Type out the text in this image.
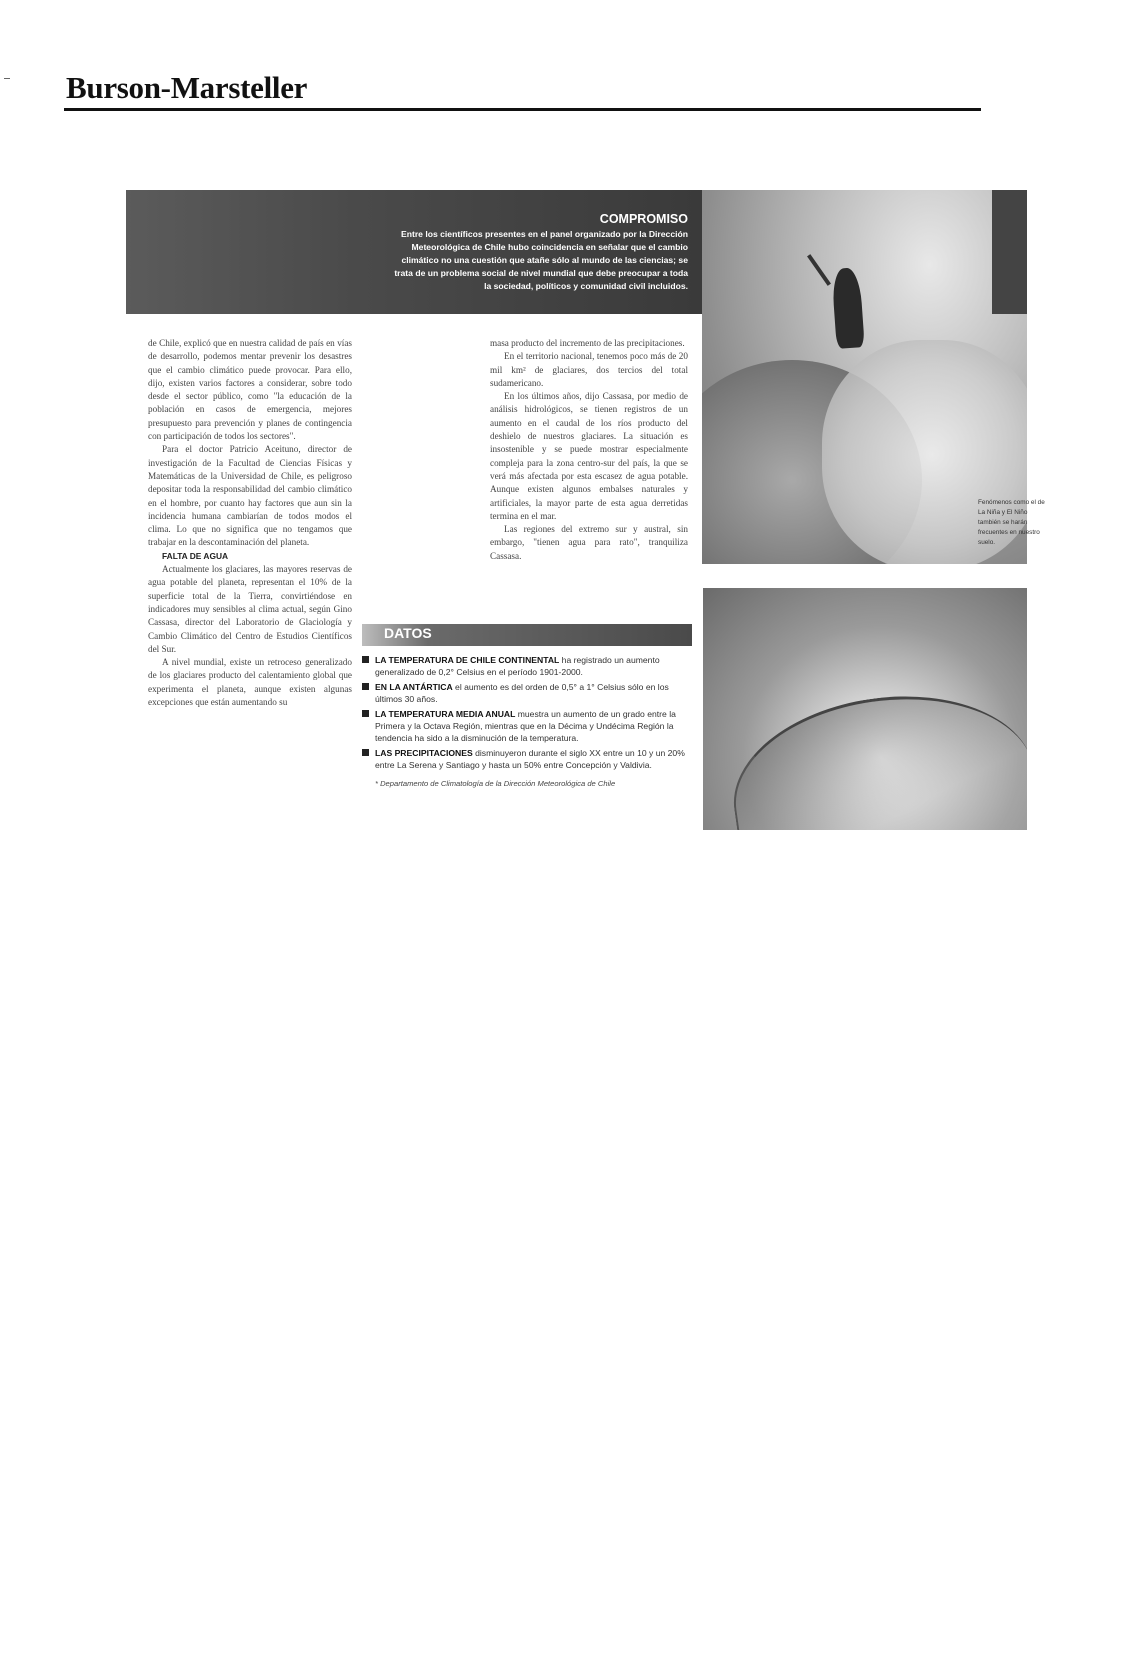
Burson-Marsteller
COMPROMISO
Entre los científicos presentes en el panel organizado por la Dirección Meteorológica de Chile hubo coincidencia en señalar que el cambio climático no una cuestión que atañe sólo al mundo de las ciencias; se trata de un problema social de nivel mundial que debe preocupar a toda la sociedad, políticos y comunidad civil incluidos.
Fenómenos como el de La Niña y El Niño también se harán frecuentes en nuestro suelo.

de Chile, explicó que en nuestra calidad de país en vías de desarrollo, podemos mentar prevenir los desastres que el cambio climático puede provocar. Para ello, dijo, existen varios factores a considerar, sobre todo desde el sector público, como "la educación de la población en casos de emergencia, mejores presupuesto para prevención y planes de contingencia con participación de todos los sectores".

Para el doctor Patricio Aceituno, director de investigación de la Facultad de Ciencias Físicas y Matemáticas de la Universidad de Chile, es peligroso depositar toda la responsabilidad del cambio climático en el hombre, por cuanto hay factores que aun sin la incidencia humana cambiarían de todos modos el clima. Lo que no significa que no tengamos que trabajar en la descontaminación del planeta.

FALTA DE AGUA

Actualmente los glaciares, las mayores reservas de agua potable del planeta, representan el 10% de la superficie total de la Tierra, convirtiéndose en indicadores muy sensibles al clima actual, según Gino Cassasa, director del Laboratorio de Glaciología y Cambio Climático del Centro de Estudios Científicos del Sur.

A nivel mundial, existe un retroceso generalizado de los glaciares producto del calentamiento global que experimenta el planeta, aunque existen algunas excepciones que están aumentando su

masa producto del incremento de las precipitaciones.

En el territorio nacional, tenemos poco más de 20 mil km² de glaciares, dos tercios del total sudamericano.

En los últimos años, dijo Cassasa, por medio de análisis hidrológicos, se tienen registros de un aumento en el caudal de los ríos producto del deshielo de nuestros glaciares. La situación es insostenible y se puede mostrar especialmente compleja para la zona centro-sur del país, la que se verá más afectada por esta escasez de agua potable. Aunque existen algunos embalses naturales y artificiales, la mayor parte de esta agua derretidas termina en el mar.

Las regiones del extremo sur y austral, sin embargo, "tienen agua para rato", tranquiliza Cassasa.

DATOS
LA TEMPERATURA DE CHILE CONTINENTAL ha registrado un aumento generalizado de 0,2° Celsius en el período 1901-2000.
EN LA ANTÁRTICA el aumento es del orden de 0,5° a 1° Celsius sólo en los últimos 30 años.
LA TEMPERATURA MEDIA ANUAL muestra un aumento de un grado entre la Primera y la Octava Región, mientras que en la Décima y Undécima Región la tendencia ha sido a la disminución de la temperatura.
LAS PRECIPITACIONES disminuyeron durante el siglo XX entre un 10 y un 20% entre La Serena y Santiago y hasta un 50% entre Concepción y Valdivia.
* Departamento de Climatología de la Dirección Meteorológica de Chile
